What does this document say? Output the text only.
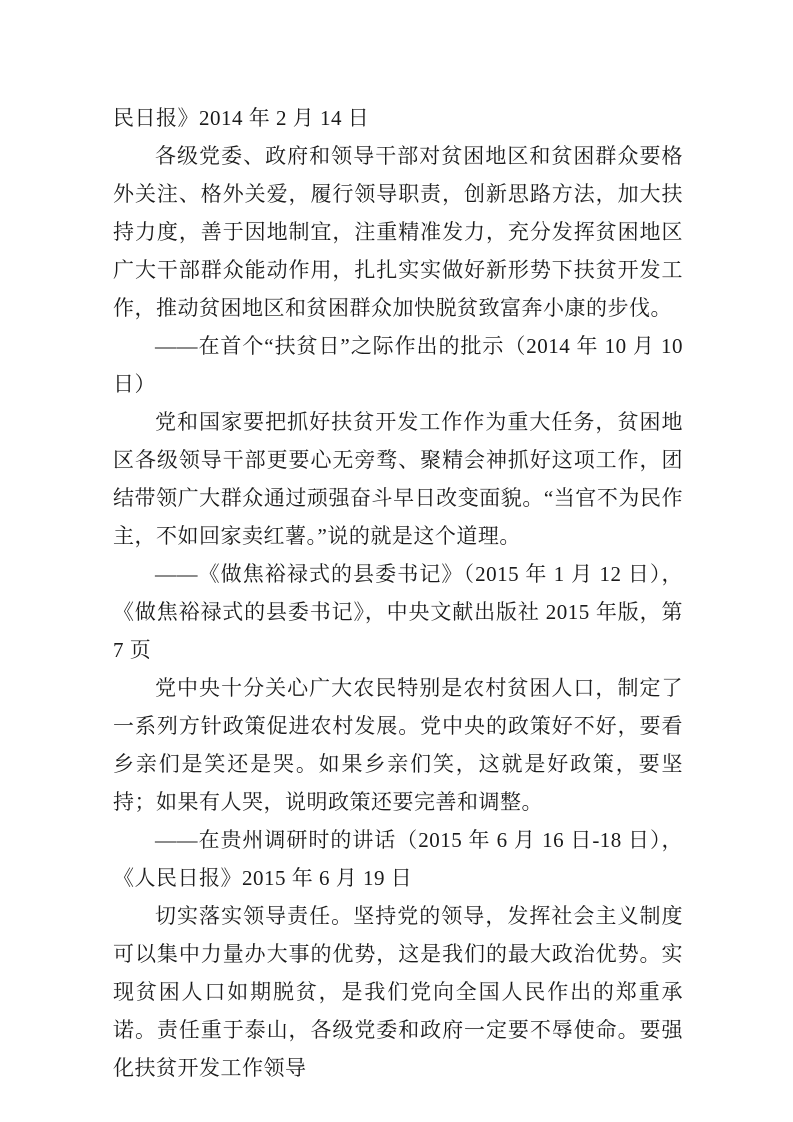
民日报》2014 年 2 月 14 日

各级党委、政府和领导干部对贫困地区和贫困群众要格外关注、格外关爱，履行领导职责，创新思路方法，加大扶持力度，善于因地制宜，注重精准发力，充分发挥贫困地区广大干部群众能动作用，扎扎实实做好新形势下扶贫开发工作，推动贫困地区和贫困群众加快脱贫致富奔小康的步伐。

——在首个“扶贫日”之际作出的批示（2014 年 10 月 10 日）

党和国家要把抓好扶贫开发工作作为重大任务，贫困地区各级领导干部更要心无旁骛、聚精会神抓好这项工作，团结带领广大群众通过顽强奋斗早日改变面貌。“当官不为民作主，不如回家卖红薯。”说的就是这个道理。

——《做焦裕禄式的县委书记》（2015 年 1 月 12 日），《做焦裕禄式的县委书记》，中央文献出版社 2015 年版，第 7 页

党中央十分关心广大农民特别是农村贫困人口，制定了一系列方针政策促进农村发展。党中央的政策好不好，要看乡亲们是笑还是哭。如果乡亲们笑，这就是好政策，要坚持；如果有人哭，说明政策还要完善和调整。

——在贵州调研时的讲话（2015 年 6 月 16 日-18 日），《人民日报》2015 年 6 月 19 日

切实落实领导责任。坚持党的领导，发挥社会主义制度可以集中力量办大事的优势，这是我们的最大政治优势。实现贫困人口如期脱贫，是我们党向全国人民作出的郑重承诺。责任重于泰山，各级党委和政府一定要不辱使命。要强化扶贫开发工作领导
